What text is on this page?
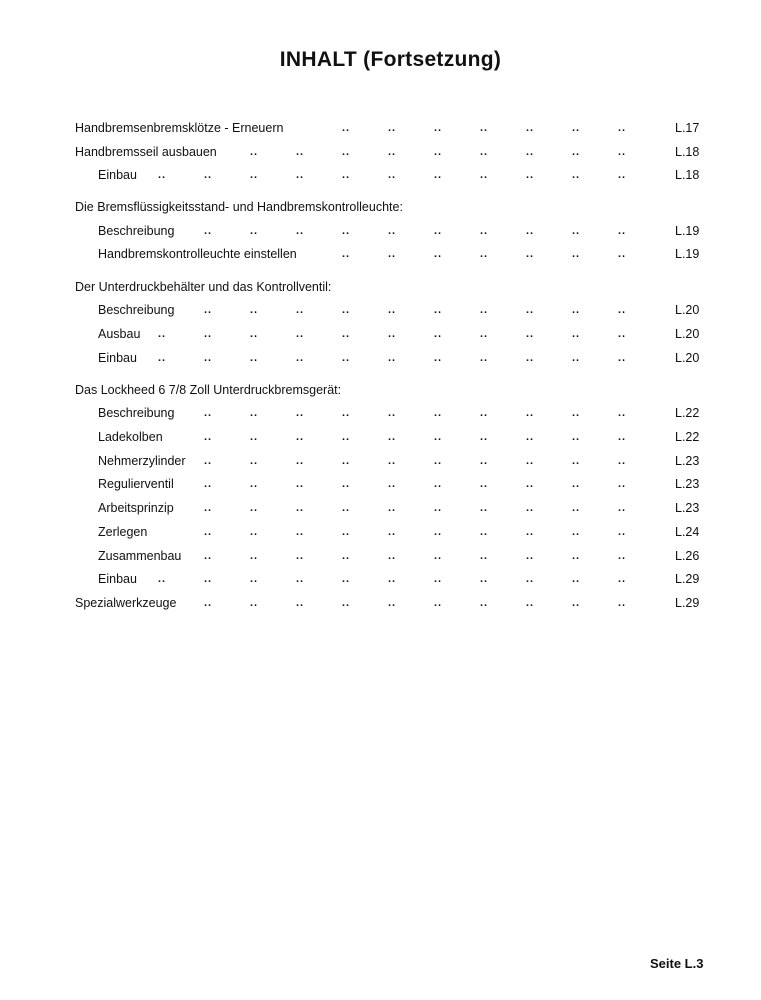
INHALT (Fortsetzung)
Handbremsenbremsklötze - Erneuern	..	..	..	..	..	..	..	L.17
Handbremsseil ausbauen	..	..	..	..	..	..	..	..	..	L.18
Einbau ..	..	..	..	..	..	..	..	..	..	..	L.18
Die Bremsflüssigkeitsstand- und Handbremskontrolleuchte:
Beschreibung	..	..	..	..	..	..	..	..	..	..	L.19
Handbremskontrolleuchte einstellen	..	..	..	..	..	..	..	L.19
Der Unterdruckbehälter und das Kontrollventil:
Beschreibung	..	..	..	..	..	..	..	..	..	..	L.20
Ausbau ..	..	..	..	..	..	..	..	..	..	..	L.20
Einbau ..	..	..	..	..	..	..	..	..	..	..	L.20
Das Lockheed 6 7/8 Zoll Unterdruckbremsgerät:
Beschreibung	..	..	..	..	..	..	..	..	..	..	L.22
Ladekolben	..	..	..	..	..	..	..	..	..	..	L.22
Nehmerzylinder ..	..	..	..	..	..	..	..	..	..	L.23
Regulierventil	..	..	..	..	..	..	..	..	..	..	L.23
Arbeitsprinzip	..	..	..	..	..	..	..	..	..	..	L.23
Zerlegen	..	..	..	..	..	..	..	..	..	..	L.24
Zusammenbau ..	..	..	..	..	..	..	..	..	..	L.26
Einbau ..	..	..	..	..	..	..	..	..	..	..	L.29
Spezialwerkzeuge	..	..	..	..	..	..	..	..	..	..	L.29
Seite L.3
